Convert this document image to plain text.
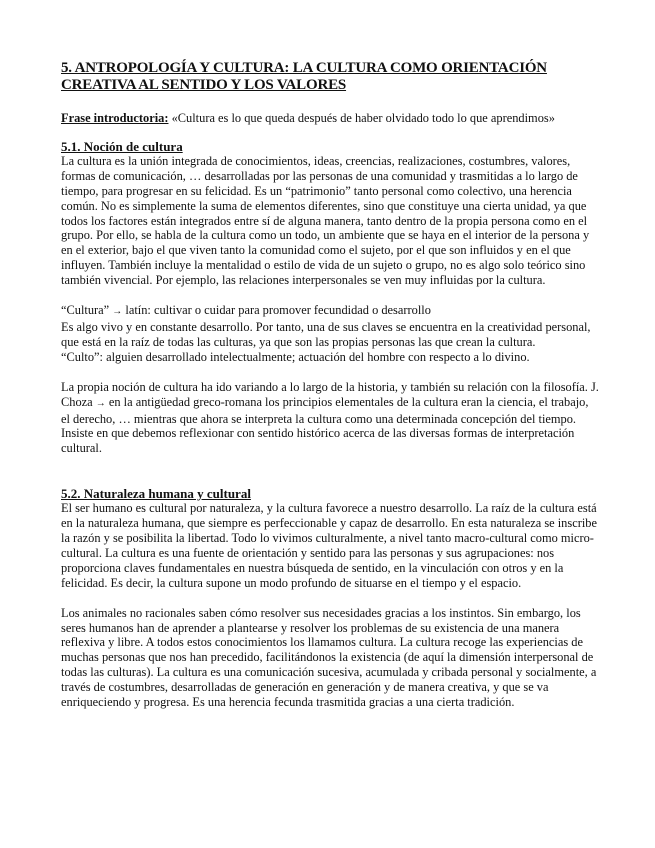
5. ANTROPOLOGÍA Y CULTURA: LA CULTURA COMO ORIENTACIÓN CREATIVA AL SENTIDO Y LOS VALORES

Frase introductoria: «Cultura es lo que queda después de haber olvidado todo lo que aprendimos»

5.1. Noción de cultura

La cultura es la unión integrada de conocimientos, ideas, creencias, realizaciones, costumbres, valores, formas de comunicación, … desarrolladas por las personas de una comunidad y trasmitidas a lo largo de tiempo, para progresar en su felicidad. Es un “patrimonio” tanto personal como colectivo, una herencia común. No es simplemente la suma de elementos diferentes, sino que constituye una cierta unidad, ya que todos los factores están integrados entre sí de alguna manera, tanto dentro de la propia persona como en el grupo. Por ello, se habla de la cultura como un todo, un ambiente que se haya en el interior de la persona y en el exterior, bajo el que viven tanto la comunidad como el sujeto, por el que son influidos y en el que influyen. También incluye la mentalidad o estilo de vida de un sujeto o grupo, no es algo solo teórico sino también vivencial. Por ejemplo, las relaciones interpersonales se ven muy influidas por la cultura.

“Cultura” → latín: cultivar o cuidar para promover fecundidad o desarrollo

Es algo vivo y en constante desarrollo. Por tanto, una de sus claves se encuentra en la creatividad personal, que está en la raíz de todas las culturas, ya que son las propias personas las que crean la cultura.

“Culto”: alguien desarrollado intelectualmente; actuación del hombre con respecto a lo divino.

La propia noción de cultura ha ido variando a lo largo de la historia, y también su relación con la filosofía. J. Choza → en la antigüedad greco-romana los principios elementales de la cultura eran la ciencia, el trabajo, el derecho, … mientras que ahora se interpreta la cultura como una determinada concepción del tiempo. Insiste en que debemos reflexionar con sentido histórico acerca de las diversas formas de interpretación cultural.

5.2. Naturaleza humana y cultural

El ser humano es cultural por naturaleza, y la cultura favorece a nuestro desarrollo. La raíz de la cultura está en la naturaleza humana, que siempre es perfeccionable y capaz de desarrollo. En esta naturaleza se inscribe la razón y se posibilita la libertad. Todo lo vivimos culturalmente, a nivel tanto macro-cultural como micro-cultural. La cultura es una fuente de orientación y sentido para las personas y sus agrupaciones: nos proporciona claves fundamentales en nuestra búsqueda de sentido, en la vinculación con otros y en la felicidad. Es decir, la cultura supone un modo profundo de situarse en el tiempo y el espacio.

Los animales no racionales saben cómo resolver sus necesidades gracias a los instintos. Sin embargo, los seres humanos han de aprender a plantearse y resolver los problemas de su existencia de una manera reflexiva y libre. A todos estos conocimientos los llamamos cultura. La cultura recoge las experiencias de muchas personas que nos han precedido, facilitándonos la existencia (de aquí la dimensión interpersonal de todas las culturas). La cultura es una comunicación sucesiva, acumulada y cribada personal y socialmente, a través de costumbres, desarrolladas de generación en generación y de manera creativa, y que se va enriqueciendo y progresa. Es una herencia fecunda trasmitida gracias a una cierta tradición.
